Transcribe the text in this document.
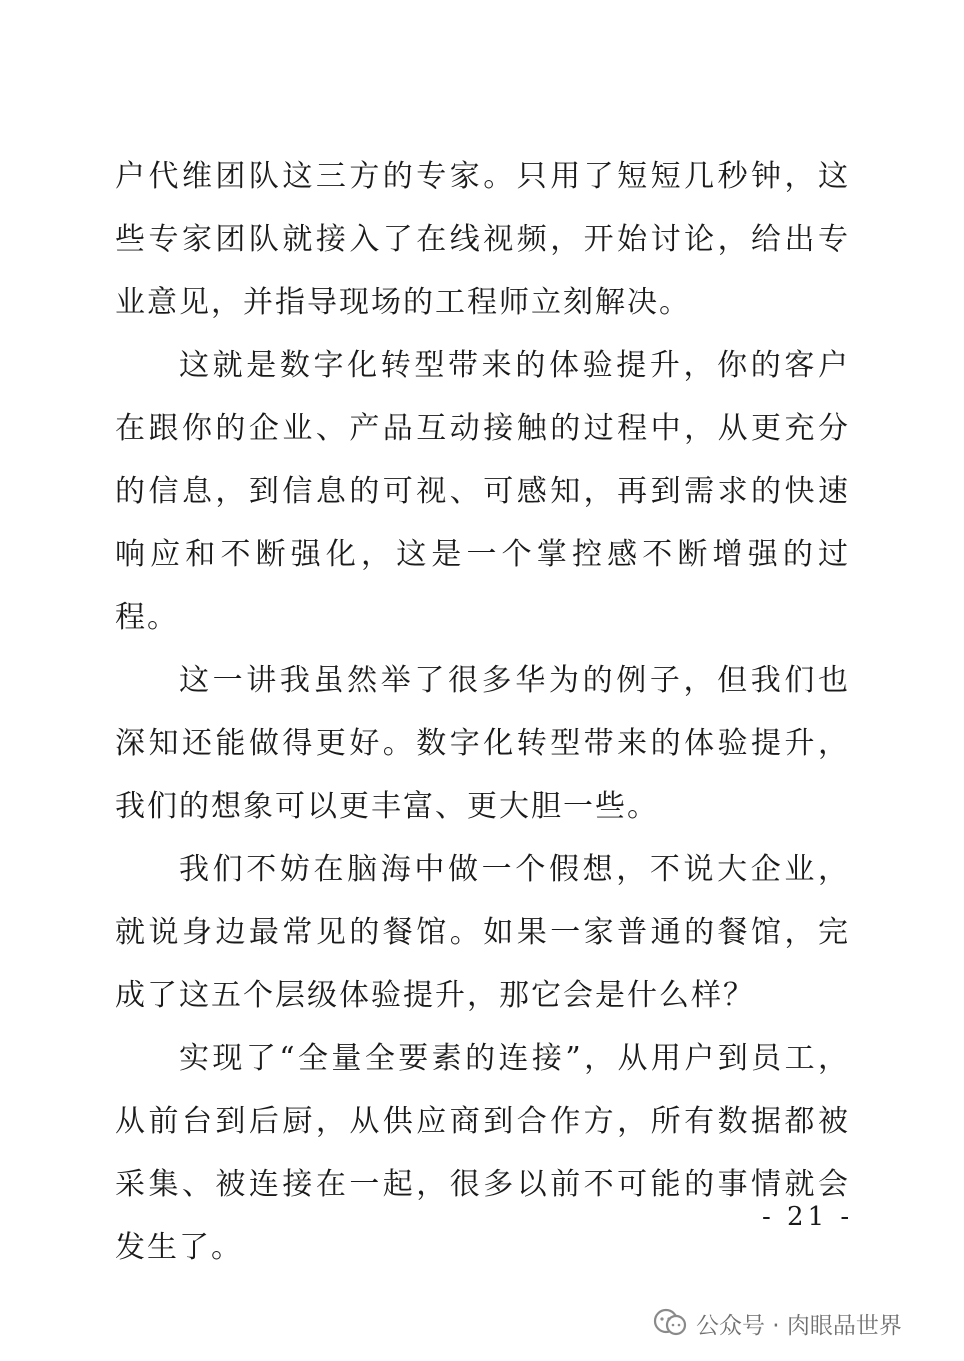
户代维团队这三方的专家。只用了短短几秒钟，这些专家团队就接入了在线视频，开始讨论，给出专业意见，并指导现场的工程师立刻解决。

这就是数字化转型带来的体验提升，你的客户在跟你的企业、产品互动接触的过程中，从更充分的信息，到信息的可视、可感知，再到需求的快速响应和不断强化，这是一个掌控感不断增强的过程。

这一讲我虽然举了很多华为的例子，但我们也深知还能做得更好。数字化转型带来的体验提升，我们的想象可以更丰富、更大胆一些。

我们不妨在脑海中做一个假想，不说大企业，就说身边最常见的餐馆。如果一家普通的餐馆，完成了这五个层级体验提升，那它会是什么样？

实现了“全量全要素的连接”，从用户到员工，从前台到后厨，从供应商到合作方，所有数据都被采集、被连接在一起，很多以前不可能的事情就会发生了。

- 21 -
公众号 · 肉眼品世界
